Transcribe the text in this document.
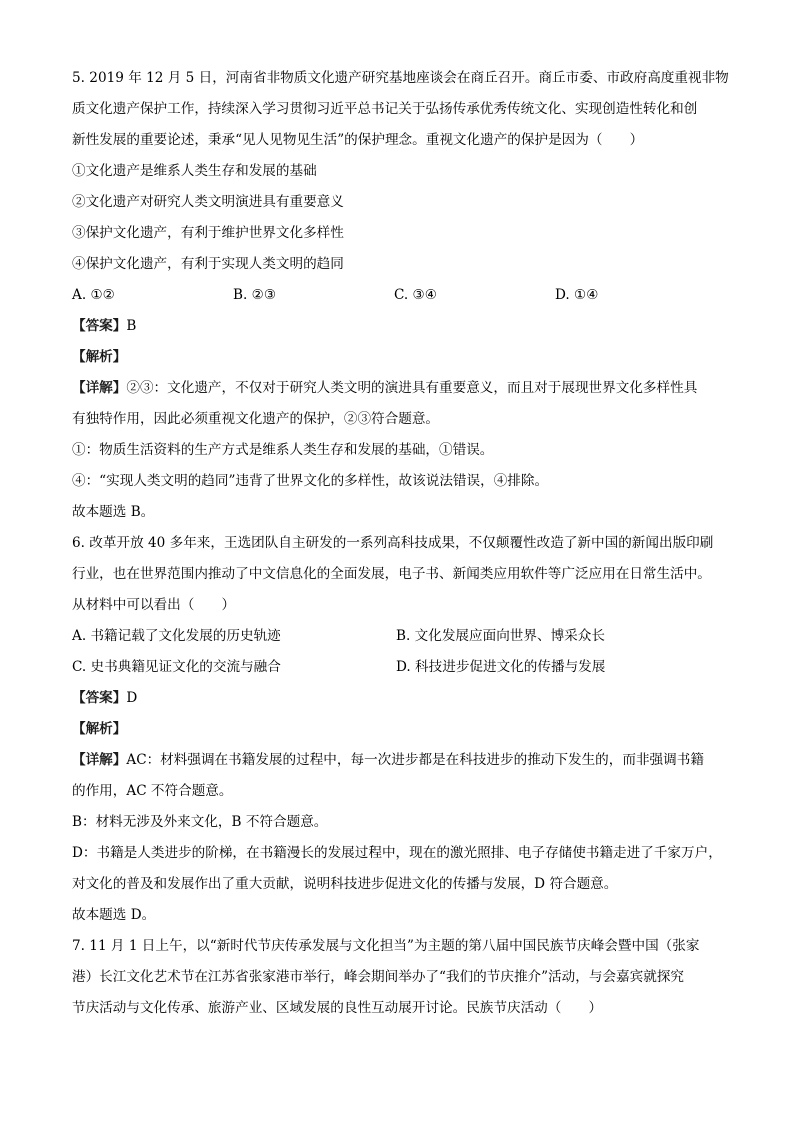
5. 2019 年 12 月 5 日，河南省非物质文化遗产研究基地座谈会在商丘召开。商丘市委、市政府高度重视非物
质文化遗产保护工作，持续深入学习贯彻习近平总书记关于弘扬传承优秀传统文化、实现创造性转化和创
新性发展的重要论述，秉承“见人见物见生活”的保护理念。重视文化遗产的保护是因为（　　）
①文化遗产是维系人类生存和发展的基础
②文化遗产对研究人类文明演进具有重要意义
③保护文化遗产，有利于维护世界文化多样性
④保护文化遗产，有利于实现人类文明的趋同
A. ①②	B. ②③	C. ③④	D. ①④
【答案】B
【解析】
【详解】②③：文化遗产，不仅对于研究人类文明的演进具有重要意义，而且对于展现世界文化多样性具
有独特作用，因此必须重视文化遗产的保护，②③符合题意。
①：物质生活资料的生产方式是维系人类生存和发展的基础，①错误。
④：“实现人类文明的趋同”违背了世界文化的多样性，故该说法错误，④排除。
故本题选 B。
6. 改革开放 40 多年来，王选团队自主研发的一系列高科技成果，不仅颠覆性改造了新中国的新闻出版印刷
行业，也在世界范围内推动了中文信息化的全面发展，电子书、新闻类应用软件等广泛应用在日常生活中。
从材料中可以看出（　　）
A. 书籍记载了文化发展的历史轨迹	B. 文化发展应面向世界、博采众长
C. 史书典籍见证文化的交流与融合	D. 科技进步促进文化的传播与发展
【答案】D
【解析】
【详解】AC：材料强调在书籍发展的过程中，每一次进步都是在科技进步的推动下发生的，而非强调书籍
的作用，AC 不符合题意。
B：材料无涉及外来文化，B 不符合题意。
D：书籍是人类进步的阶梯，在书籍漫长的发展过程中，现在的激光照排、电子存储使书籍走进了千家万户，
对文化的普及和发展作出了重大贡献，说明科技进步促进文化的传播与发展，D 符合题意。
故本题选 D。
7. 11 月 1 日上午，以“新时代节庆传承发展与文化担当”为主题的第八届中国民族节庆峰会暨中国（张家
港）长江文化艺术节在江苏省张家港市举行，峰会期间举办了“我们的节庆推介”活动，与会嘉宾就探究
节庆活动与文化传承、旅游产业、区域发展的良性互动展开讨论。民族节庆活动（　　）
